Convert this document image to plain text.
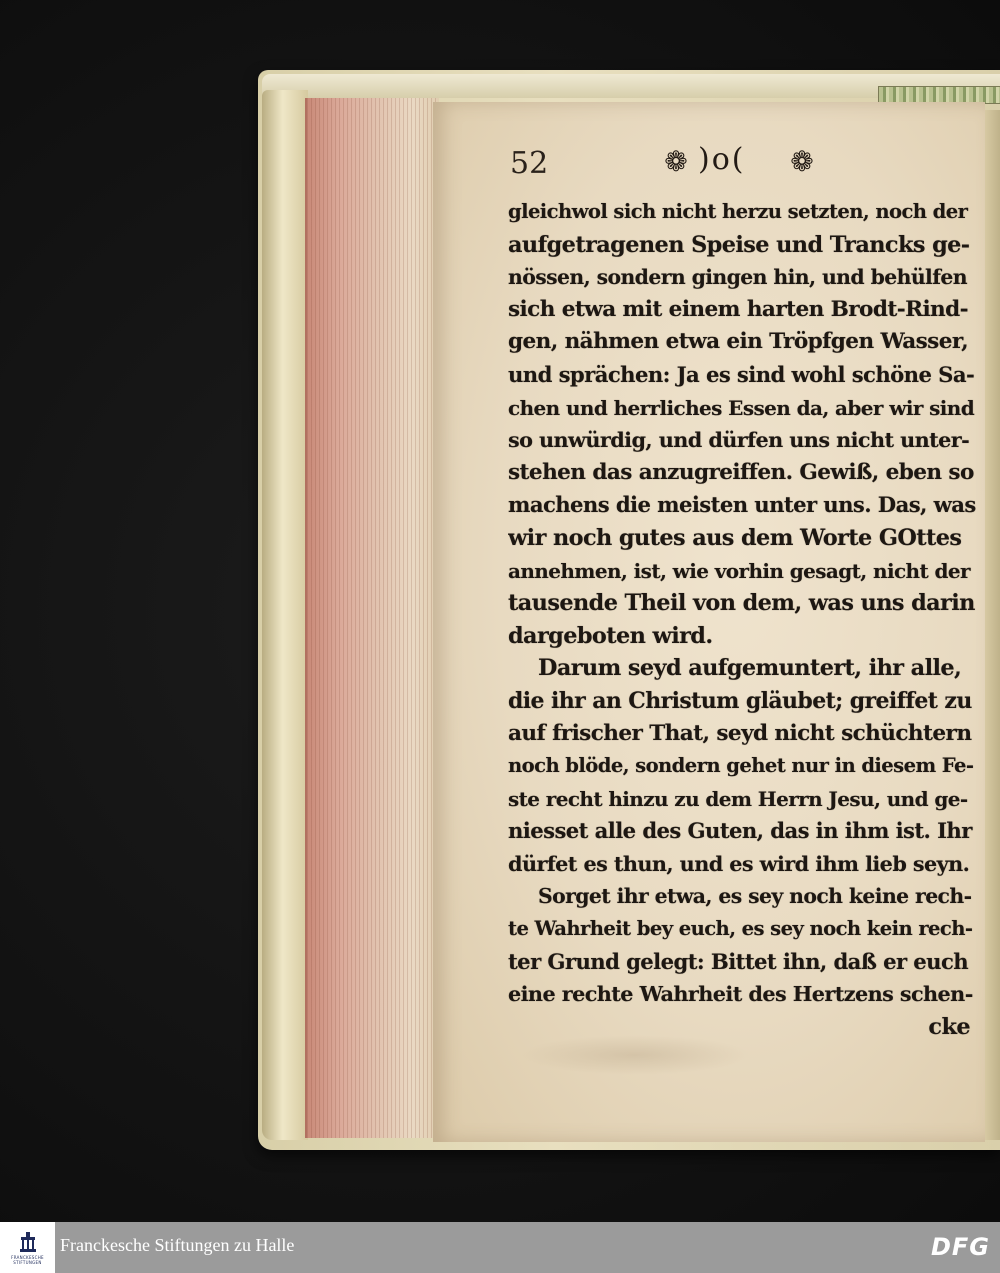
52	❁ )o( ❁
gleichwol sich nicht herzu setzten, noch der
aufgetragenen Speise und Trancks ge-
nössen, sondern gingen hin, und behülfen
sich etwa mit einem harten Brodt-Rind-
gen, nähmen etwa ein Tröpfgen Wasser,
und sprächen: Ja es sind wohl schöne Sa-
chen und herrliches Essen da, aber wir sind
so unwürdig, und dürfen uns nicht unter-
stehen das anzugreiffen. Gewiß, eben so
machens die meisten unter uns. Das, was
wir noch gutes aus dem Worte GOttes
annehmen, ist, wie vorhin gesagt, nicht der
tausende Theil von dem, was uns darin
dargeboten wird.
Darum seyd aufgemuntert, ihr alle,
die ihr an Christum gläubet; greiffet zu
auf frischer That, seyd nicht schüchtern
noch blöde, sondern gehet nur in diesem Fe-
ste recht hinzu zu dem Herrn Jesu, und ge-
niesset alle des Guten, das in ihm ist. Ihr
dürfet es thun, und es wird ihm lieb seyn.
Sorget ihr etwa, es sey noch keine rech-
te Wahrheit bey euch, es sey noch kein rech-
ter Grund gelegt: Bittet ihn, daß er euch
eine rechte Wahrheit des Hertzens schen-
cke
FRANCKESCHE
STIFTUNGEN
Franckesche Stiftungen zu Halle	DFG
